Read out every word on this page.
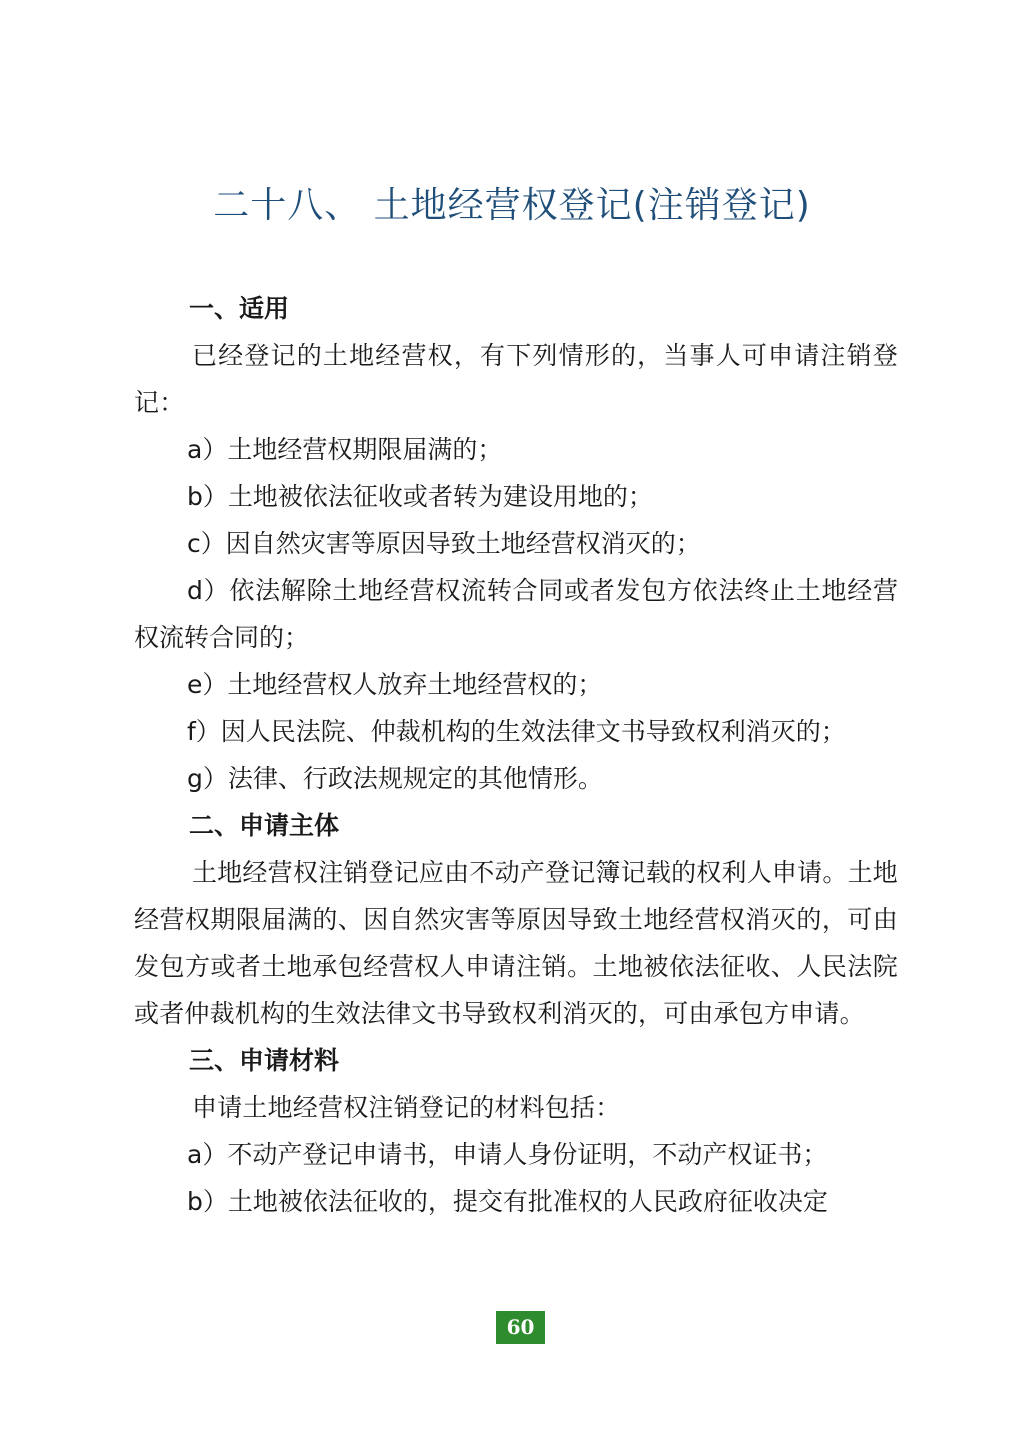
二十八、 土地经营权登记(注销登记)
一、适用

已经登记的土地经营权，有下列情形的，当事人可申请注销登记：

a）土地经营权期限届满的；

b）土地被依法征收或者转为建设用地的；

c）因自然灾害等原因导致土地经营权消灭的；

d）依法解除土地经营权流转合同或者发包方依法终止土地经营权流转合同的；

e）土地经营权人放弃土地经营权的；

f）因人民法院、仲裁机构的生效法律文书导致权利消灭的；

g）法律、行政法规规定的其他情形。

二、申请主体

土地经营权注销登记应由不动产登记簿记载的权利人申请。土地经营权期限届满的、因自然灾害等原因导致土地经营权消灭的，可由发包方或者土地承包经营权人申请注销。土地被依法征收、人民法院或者仲裁机构的生效法律文书导致权利消灭的，可由承包方申请。

三、申请材料

申请土地经营权注销登记的材料包括：

a）不动产登记申请书，申请人身份证明，不动产权证书；

b）土地被依法征收的，提交有批准权的人民政府征收决定

60
